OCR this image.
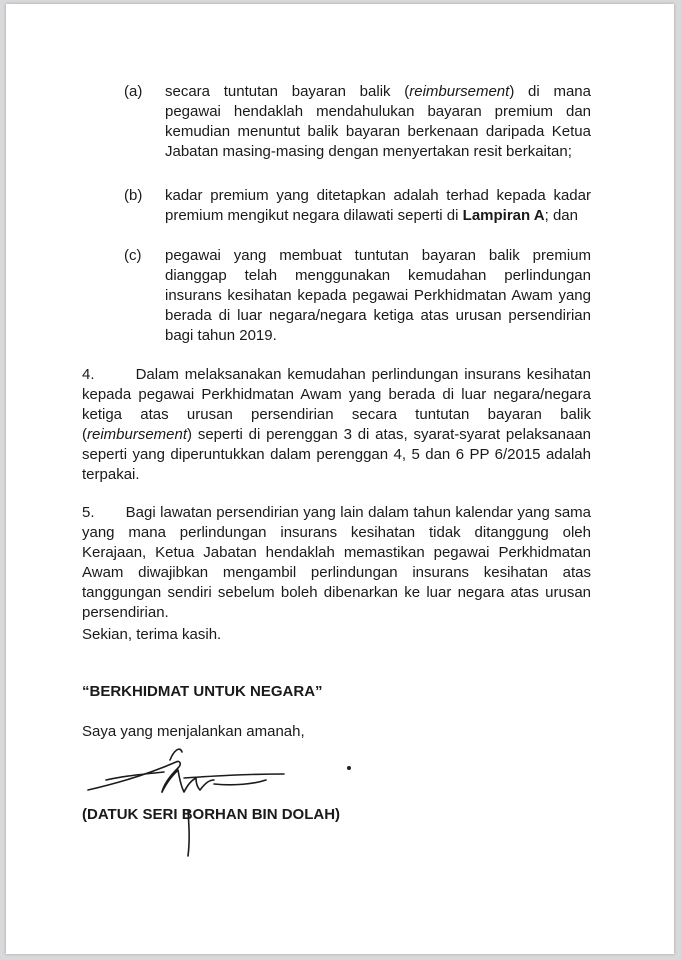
(a) secara tuntutan bayaran balik (reimbursement) di mana pegawai hendaklah mendahulukan bayaran premium dan kemudian menuntut balik bayaran berkenaan daripada Ketua Jabatan masing-masing dengan menyertakan resit berkaitan;
(b) kadar premium yang ditetapkan adalah terhad kepada kadar premium mengikut negara dilawati seperti di Lampiran A; dan
(c) pegawai yang membuat tuntutan bayaran balik premium dianggap telah menggunakan kemudahan perlindungan insurans kesihatan kepada pegawai Perkhidmatan Awam yang berada di luar negara/negara ketiga atas urusan persendirian bagi tahun 2019.
4.	Dalam melaksanakan kemudahan perlindungan insurans kesihatan kepada pegawai Perkhidmatan Awam yang berada di luar negara/negara ketiga atas urusan persendirian secara tuntutan bayaran balik (reimbursement) seperti di perenggan 3 di atas, syarat-syarat pelaksanaan seperti yang diperuntukkan dalam perenggan 4, 5 dan 6 PP 6/2015 adalah terpakai.
5. Bagi lawatan persendirian yang lain dalam tahun kalendar yang sama yang mana perlindungan insurans kesihatan tidak ditanggung oleh Kerajaan, Ketua Jabatan hendaklah memastikan pegawai Perkhidmatan Awam diwajibkan mengambil perlindungan insurans kesihatan atas tanggungan sendiri sebelum boleh dibenarkan ke luar negara atas urusan persendirian.
Sekian, terima kasih.
“BERKHIDMAT UNTUK NEGARA”
Saya yang menjalankan amanah,
(DATUK SERI BORHAN BIN DOLAH)
